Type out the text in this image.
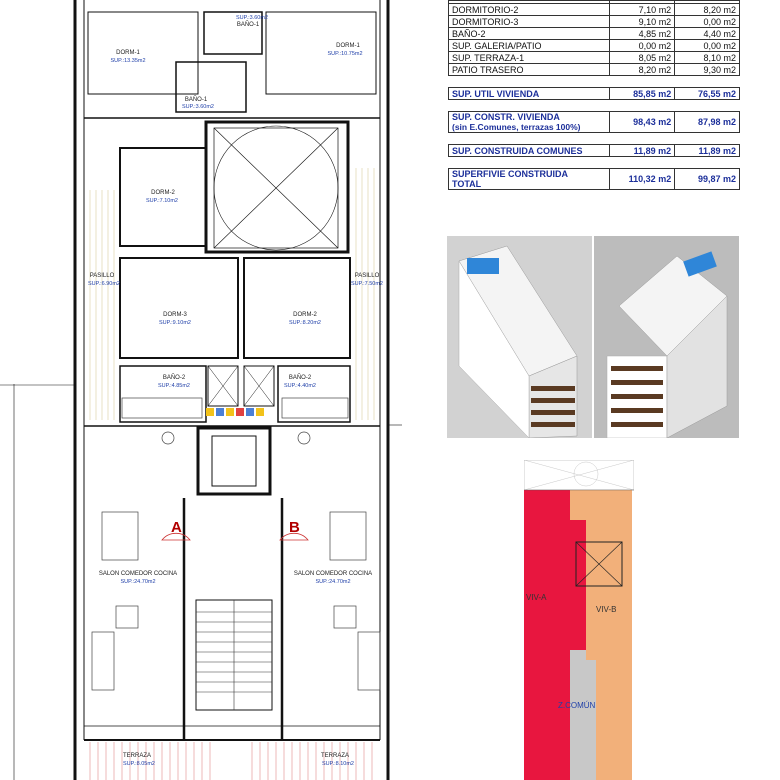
A	B
DORM-1
SUP.:13.35m2
DORM-1
SUP.:10.75m2
SUP.:3.60m2
BAÑO-1
BAÑO-1
SUP.:3.60m2
DORM-2
SUP.:7.10m2
PASILLO
SUP.:6.90m2
PASILLO
SUP.:7.50m2
DORM-3
SUP.:9.10m2
DORM-2
SUP.:8.20m2
BAÑO-2
SUP.:4.85m2
BAÑO-2
SUP.:4.40m2
SALON COMEDOR COCINA
SUP.:24.70m2
SALON COMEDOR COCINA
SUP.:24.70m2
TERRAZA
SUP.:8.05m2
TERRAZA
SUP.:8.10m2

DORMITORIO-2	7,10 m2	8,20 m2
DORMITORIO-3	9,10 m2	0,00 m2
BAÑO-2	4,85 m2	4,40 m2
SUP. GALERIA/PATIO	0,00 m2	0,00 m2
SUP. TERRAZA-1	8,05 m2	8,10 m2
PATIO TRASERO	8,20 m2	9,30 m2

SUP. UTIL VIVIENDA	85,85 m2	76,55 m2

SUP. CONSTR. VIVIENDA
(sin E.Comunes, terrazas 100%)	98,43 m2	87,98 m2

SUP. CONSTRUIDA COMUNES	11,89 m2	11,89 m2

SUPERFIVIE CONSTRUIDA
TOTAL	110,32 m2	99,87 m2
VIV-A
VIV-B
Z.COMÚN
